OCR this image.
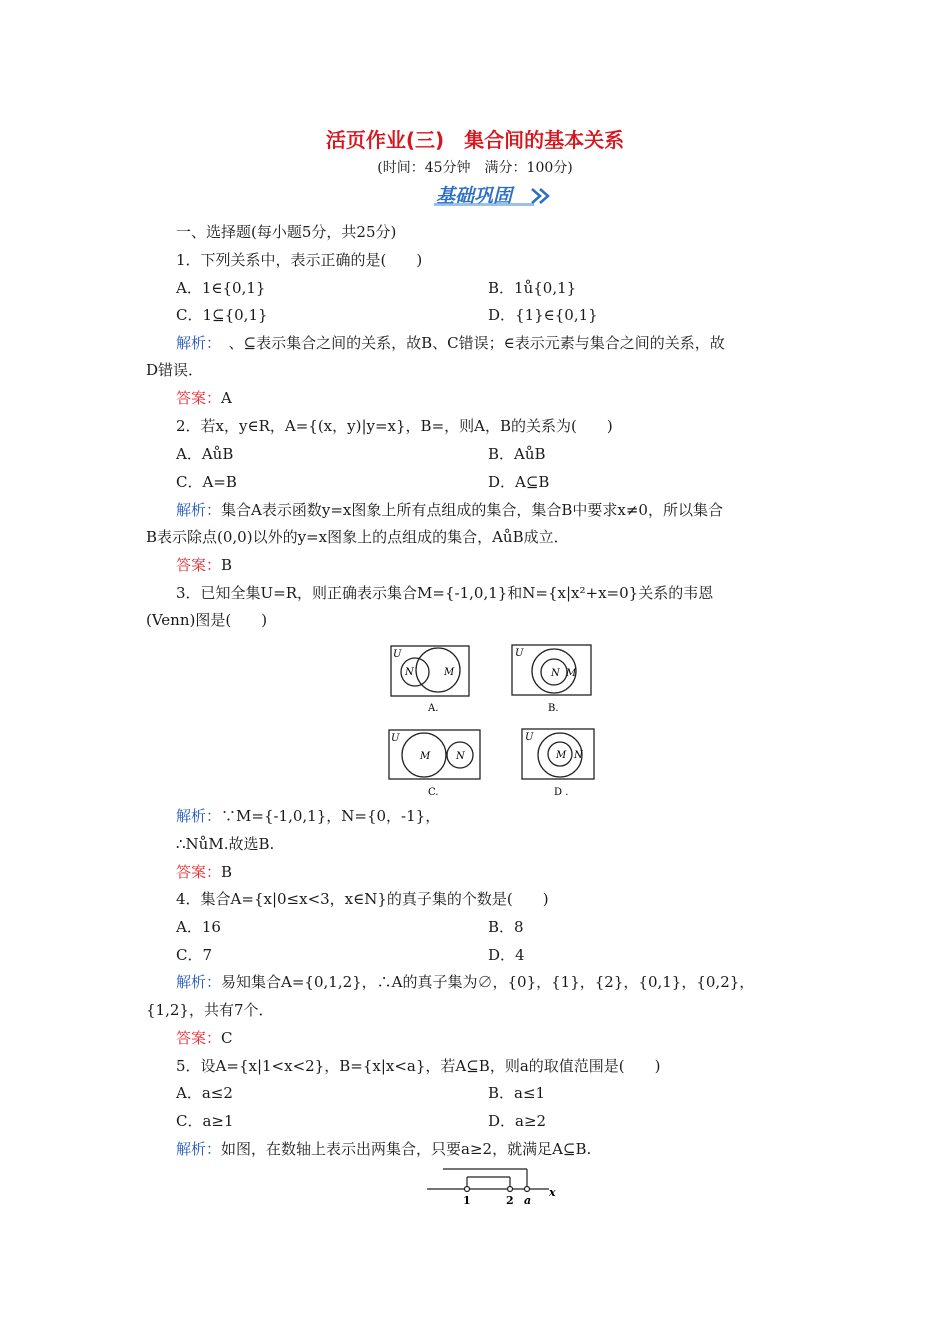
活页作业(三)　集合间的基本关系
(时间：45分钟　满分：100分)
基础巩固
一、选择题(每小题5分，共25分)
1．下列关系中，表示正确的是(　　)
A．1∈{0,1}	B．1ů{0,1}
C．1⊆{0,1}	D．{1}∈{0,1}
解析：　、⊆表示集合之间的关系，故B、C错误；∈表示元素与集合之间的关系，故
D错误．
答案：A
2．若x，y∈R，A={(x，y)|y=x}，B=，则A，B的关系为(　　)
A．AůB	B．AůB
C．A=B	D．A⊆B
解析：集合A表示函数y=x图象上所有点组成的集合，集合B中要求x≠0，所以集合
B表示除点(0,0)以外的y=x图象上的点组成的集合，AůB成立．
答案：B
3．已知全集U=R，则正确表示集合M={-1,0,1}和N={x|x²+x=0}关系的韦恩
(Venn)图是(　　)
U
N	M
A.
U
N M
B.
U
M	N
C.
U
M N
D .
解析：∵M={-1,0,1}，N={0，-1}，
∴NůM.故选B.
答案：B
4．集合A={x|0≤x<3，x∈N}的真子集的个数是(　　)
A．16	B．8
C．7	D．4
解析：易知集合A={0,1,2}，∴A的真子集为∅，{0}，{1}，{2}，{0,1}，{0,2}，
{1,2}，共有7个．
答案：C
5．设A={x|1<x<2}，B={x|x<a}，若A⊆B，则a的取值范围是(　　)
A．a≤2	B．a≤1
C．a≥1	D．a≥2
解析：如图，在数轴上表示出两集合，只要a≥2，就满足A⊆B.
1	2 a
x
